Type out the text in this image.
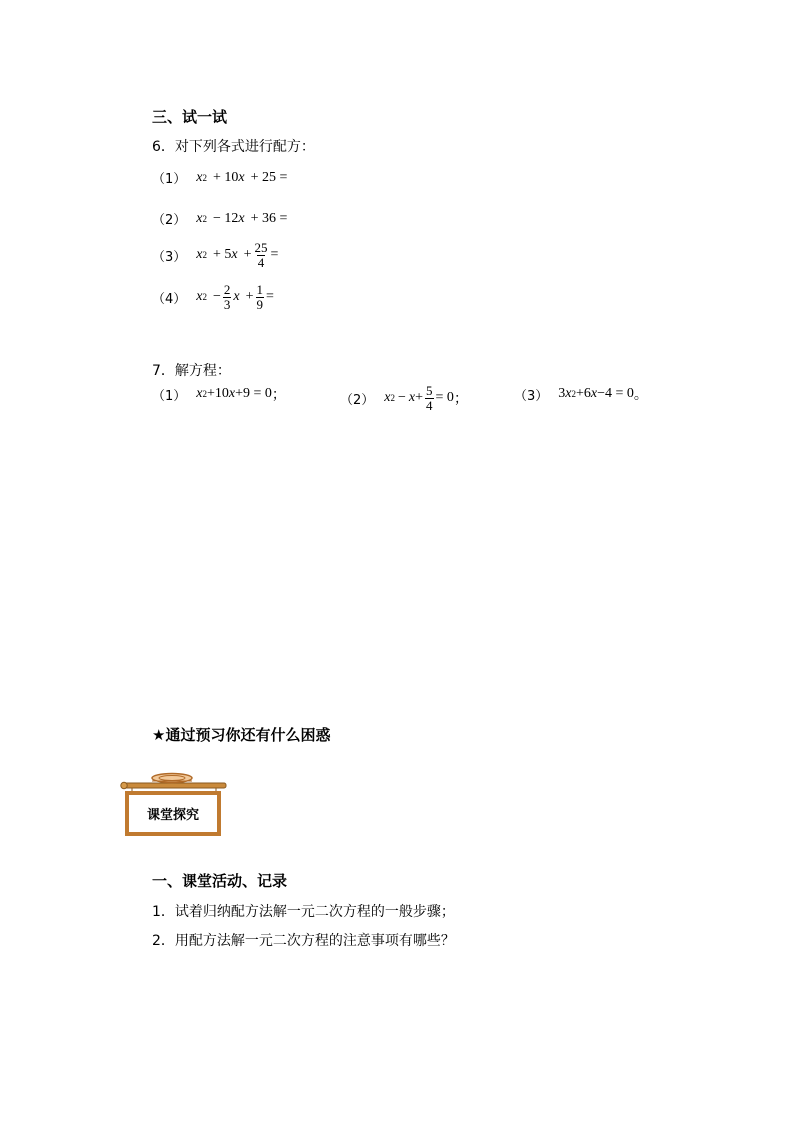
三、试一试
6．对下列各式进行配方：
（1） x 2 + 10 x + 25 =
（2） x 2 − 12 x + 36 =
（3） x 2 + 5 $x + \frac{25}{4}$ =
（4） x $2 - \frac{2}{3}$ $x + \frac{1}{9}$ =
7．解方程：
（1） x 2 +10 x +9 = 0 ；	（2） x $2 - x + \frac{5}{4} = 0$ ；	（3） 3 x 2 +6 x −4 = 0 。
★通过预习你还有什么困惑
课堂探究
一、课堂活动、记录
1．试着归纳配方法解一元二次方程的一般步骤；
2．用配方法解一元二次方程的注意事项有哪些？
